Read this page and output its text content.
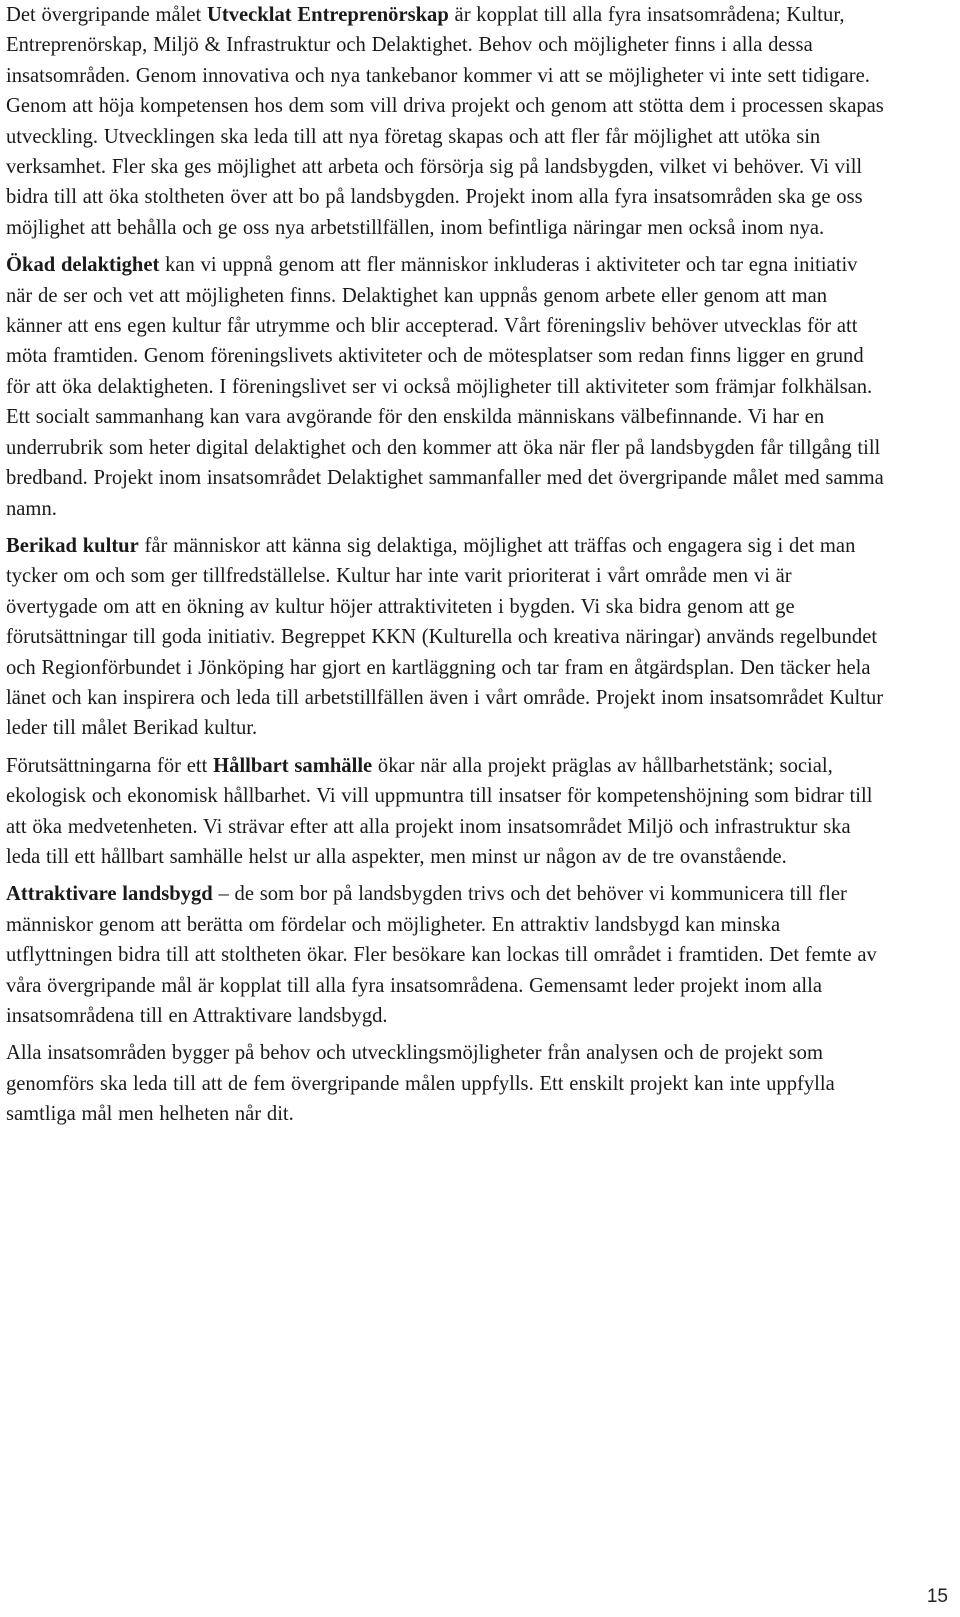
Det övergripande målet Utvecklat Entreprenörskap är kopplat till alla fyra insatsområdena; Kultur, Entreprenörskap, Miljö & Infrastruktur och Delaktighet. Behov och möjligheter finns i alla dessa insatsområden. Genom innovativa och nya tankebanor kommer vi att se möjligheter vi inte sett tidigare. Genom att höja kompetensen hos dem som vill driva projekt och genom att stötta dem i processen skapas utveckling. Utvecklingen ska leda till att nya företag skapas och att fler får möjlighet att utöka sin verksamhet. Fler ska ges möjlighet att arbeta och försörja sig på landsbygden, vilket vi behöver. Vi vill bidra till att öka stoltheten över att bo på landsbygden. Projekt inom alla fyra insatsområden ska ge oss möjlighet att behålla och ge oss nya arbetstillfällen, inom befintliga näringar men också inom nya.

Ökad delaktighet kan vi uppnå genom att fler människor inkluderas i aktiviteter och tar egna initiativ när de ser och vet att möjligheten finns. Delaktighet kan uppnås genom arbete eller genom att man känner att ens egen kultur får utrymme och blir accepterad. Vårt föreningsliv behöver utvecklas för att möta framtiden. Genom föreningslivets aktiviteter och de mötesplatser som redan finns ligger en grund för att öka delaktigheten. I föreningslivet ser vi också möjligheter till aktiviteter som främjar folkhälsan. Ett socialt sammanhang kan vara avgörande för den enskilda människans välbefinnande. Vi har en underrubrik som heter digital delaktighet och den kommer att öka när fler på landsbygden får tillgång till bredband. Projekt inom insatsområdet Delaktighet sammanfaller med det övergripande målet med samma namn.

Berikad kultur får människor att känna sig delaktiga, möjlighet att träffas och engagera sig i det man tycker om och som ger tillfredställelse. Kultur har inte varit prioriterat i vårt område men vi är övertygade om att en ökning av kultur höjer attraktiviteten i bygden. Vi ska bidra genom att ge förutsättningar till goda initiativ. Begreppet KKN (Kulturella och kreativa näringar) används regelbundet och Regionförbundet i Jönköping har gjort en kartläggning och tar fram en åtgärdsplan. Den täcker hela länet och kan inspirera och leda till arbetstillfällen även i vårt område. Projekt inom insatsområdet Kultur leder till målet Berikad kultur.

Förutsättningarna för ett Hållbart samhälle ökar när alla projekt präglas av hållbarhetstänk; social, ekologisk och ekonomisk hållbarhet. Vi vill uppmuntra till insatser för kompetenshöjning som bidrar till att öka medvetenheten. Vi strävar efter att alla projekt inom insatsområdet Miljö och infrastruktur ska leda till ett hållbart samhälle helst ur alla aspekter, men minst ur någon av de tre ovanstående.

Attraktivare landsbygd – de som bor på landsbygden trivs och det behöver vi kommunicera till fler människor genom att berätta om fördelar och möjligheter. En attraktiv landsbygd kan minska utflyttningen bidra till att stoltheten ökar. Fler besökare kan lockas till området i framtiden. Det femte av våra övergripande mål är kopplat till alla fyra insatsområdena. Gemensamt leder projekt inom alla insatsområdena till en Attraktivare landsbygd.

Alla insatsområden bygger på behov och utvecklingsmöjligheter från analysen och de projekt som genomförs ska leda till att de fem övergripande målen uppfylls. Ett enskilt projekt kan inte uppfylla samtliga mål men helheten når dit.

15
